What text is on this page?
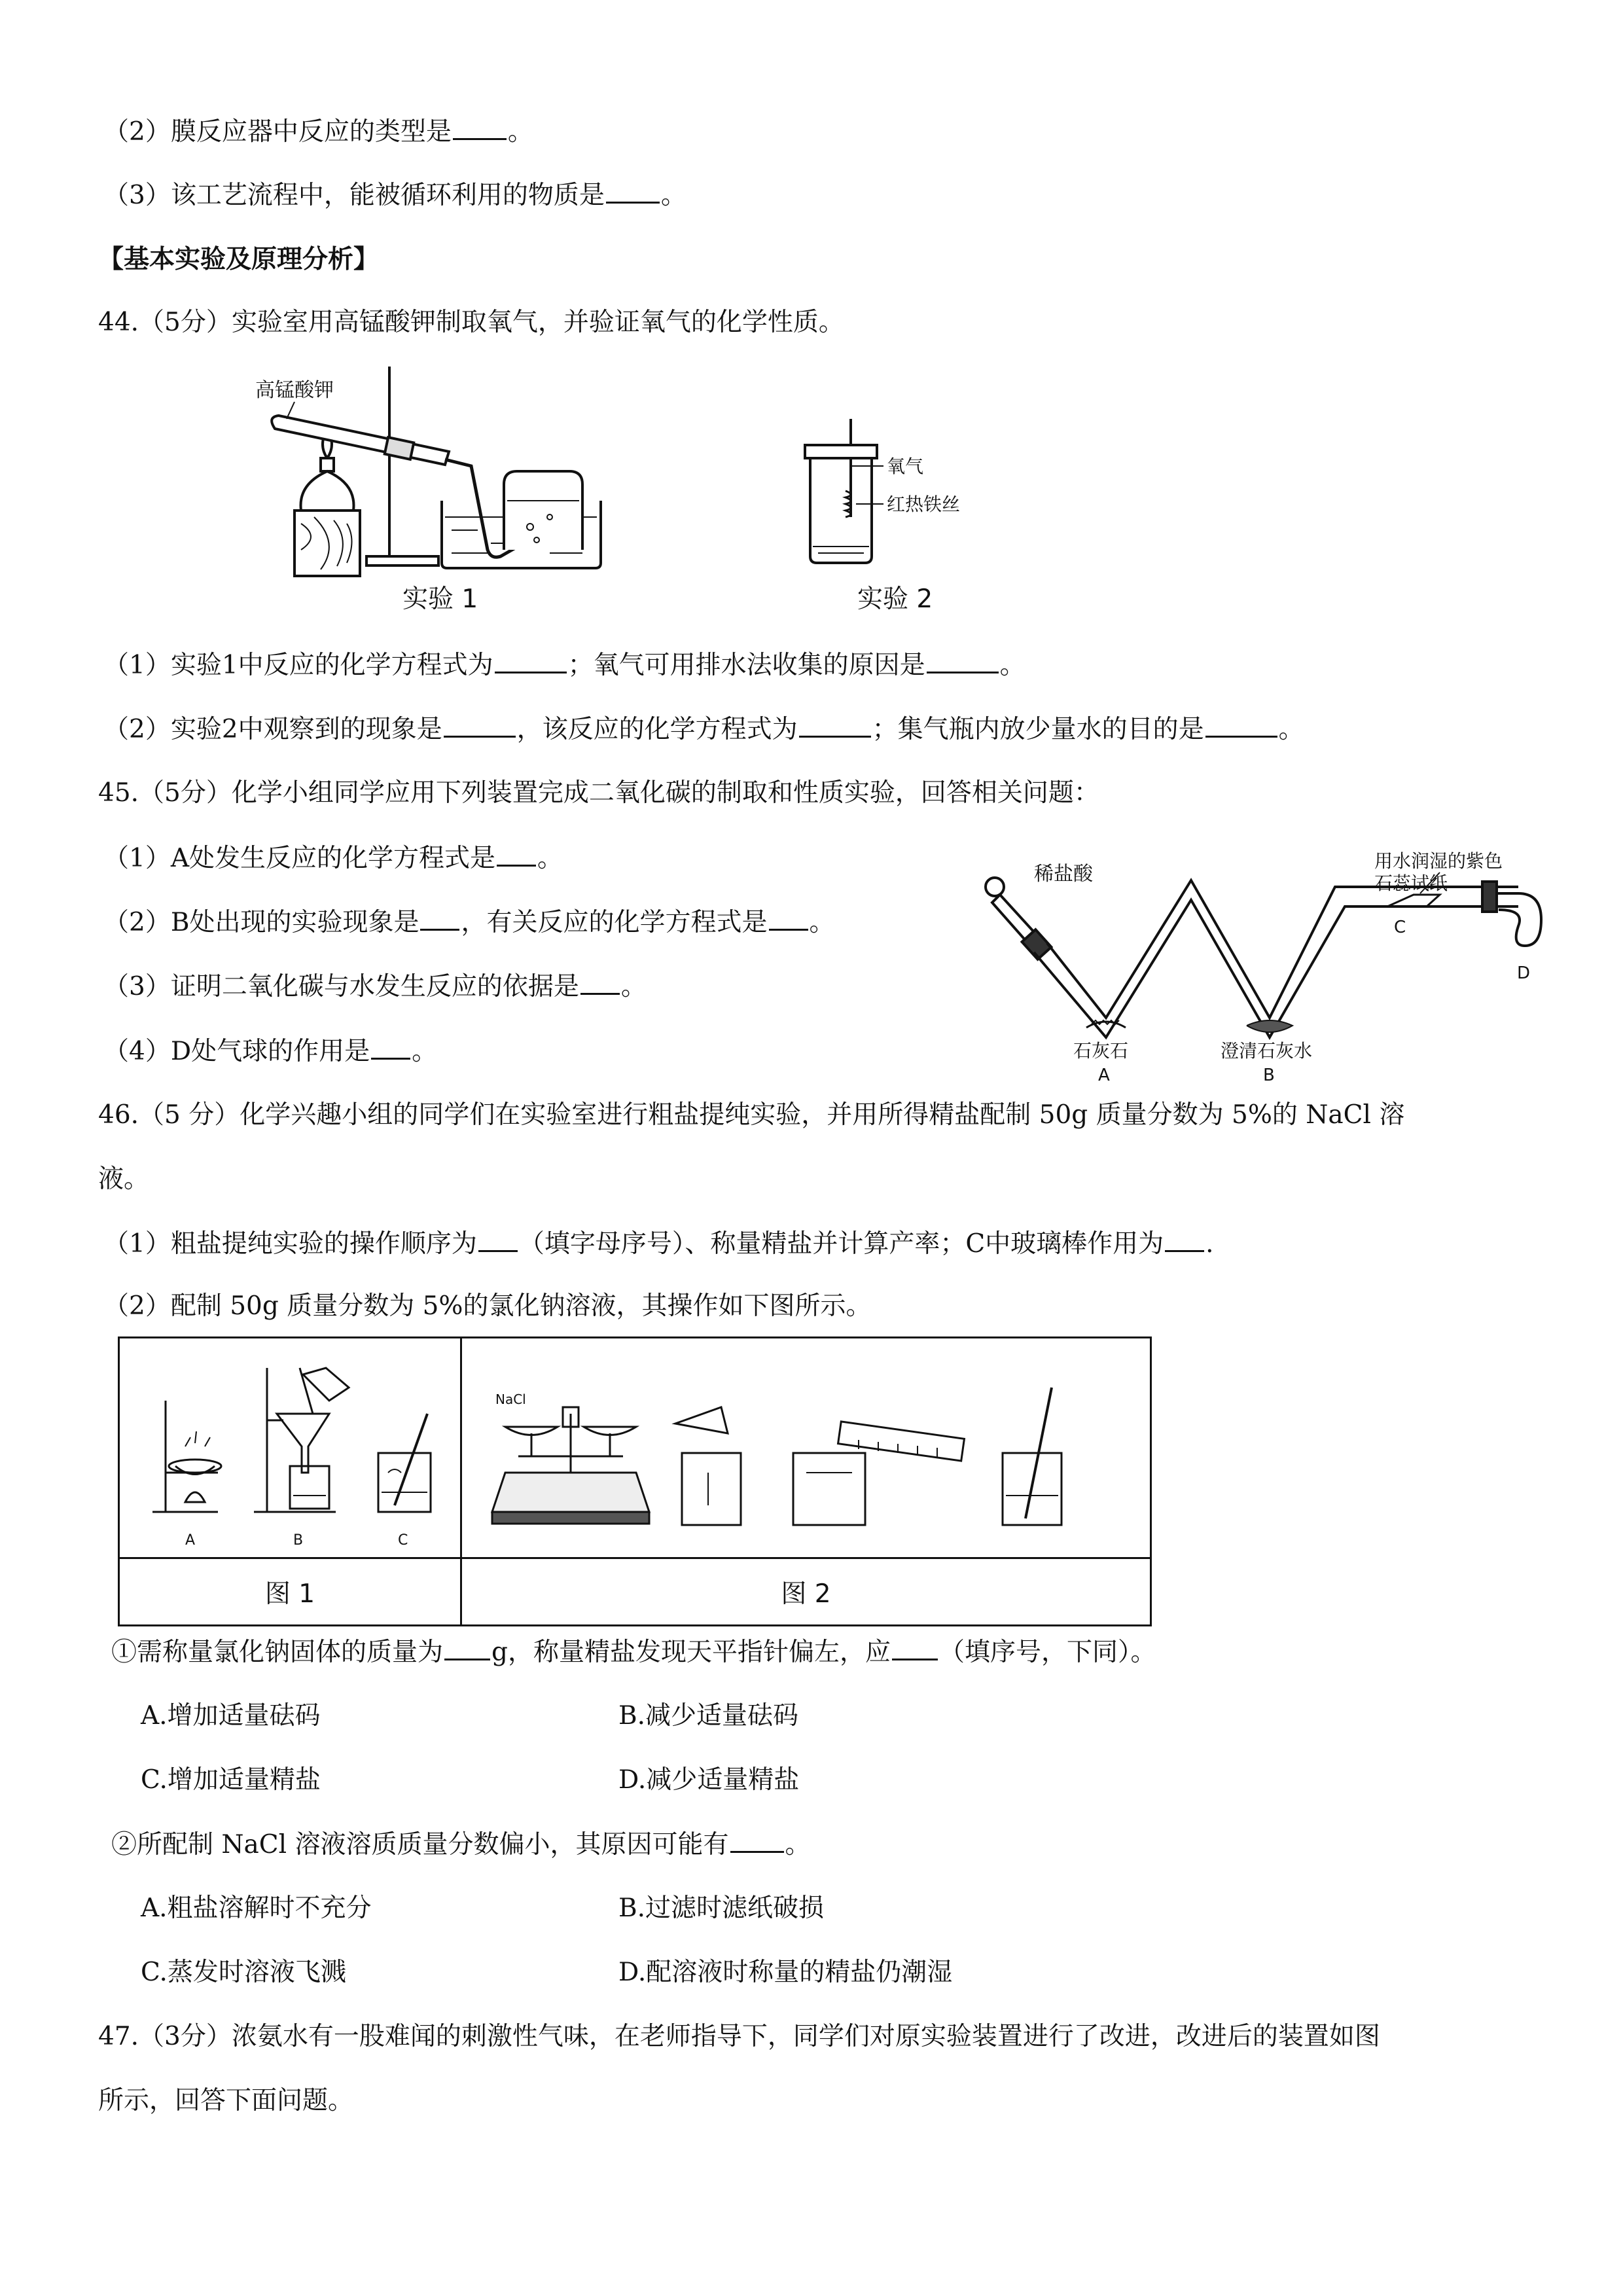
（2）膜反应器中反应的类型是 。
（3）该工艺流程中，能被循环利用的物质是 。
【基本实验及原理分析】
44.（5分）实验室用高锰酸钾制取氧气，并验证氧气的化学性质。
高锰酸钾
实验 1
氧气
红热铁丝
实验 2
（1）实验1中反应的化学方程式为	；氧气可用排水法收集的原因是	。
（2）实验2中观察到的现象是	，该反应的化学方程式为	；集气瓶内放少量水的目的是	。
45.（5分）化学小组同学应用下列装置完成二氧化碳的制取和性质实验，回答相关问题：
（1）A处发生反应的化学方程式是 。
（2）B处出现的实验现象是 ，有关反应的化学方程式是 。
（3）证明二氧化碳与水发生反应的依据是 。
（4）D处气球的作用是 。
稀盐酸
用水润湿的紫色
石蕊试纸
石灰石	澄清石灰水
A	B
C
D
46.（5 分）化学兴趣小组的同学们在实验室进行粗盐提纯实验，并用所得精盐配制 50g 质量分数为 5%的 NaCl 溶
液。
（1）粗盐提纯实验的操作顺序为 （填字母序号）、称量精盐并计算产率；C中玻璃棒作用为 .
（2）配制 50g 质量分数为 5%的氯化钠溶液，其操作如下图所示。
A B C	NaCl

图 1	图 2
①需称量氯化钠固体的质量为 g，称量精盐发现天平指针偏左，应 （填序号，下同）。
A.增加适量砝码	B.减少适量砝码
C.增加适量精盐	D.减少适量精盐
②所配制 NaCl 溶液溶质质量分数偏小，其原因可能有 。
A.粗盐溶解时不充分	B.过滤时滤纸破损
C.蒸发时溶液飞溅	D.配溶液时称量的精盐仍潮湿
47.（3分）浓氨水有一股难闻的刺激性气味，在老师指导下，同学们对原实验装置进行了改进，改进后的装置如图
所示，回答下面问题。
